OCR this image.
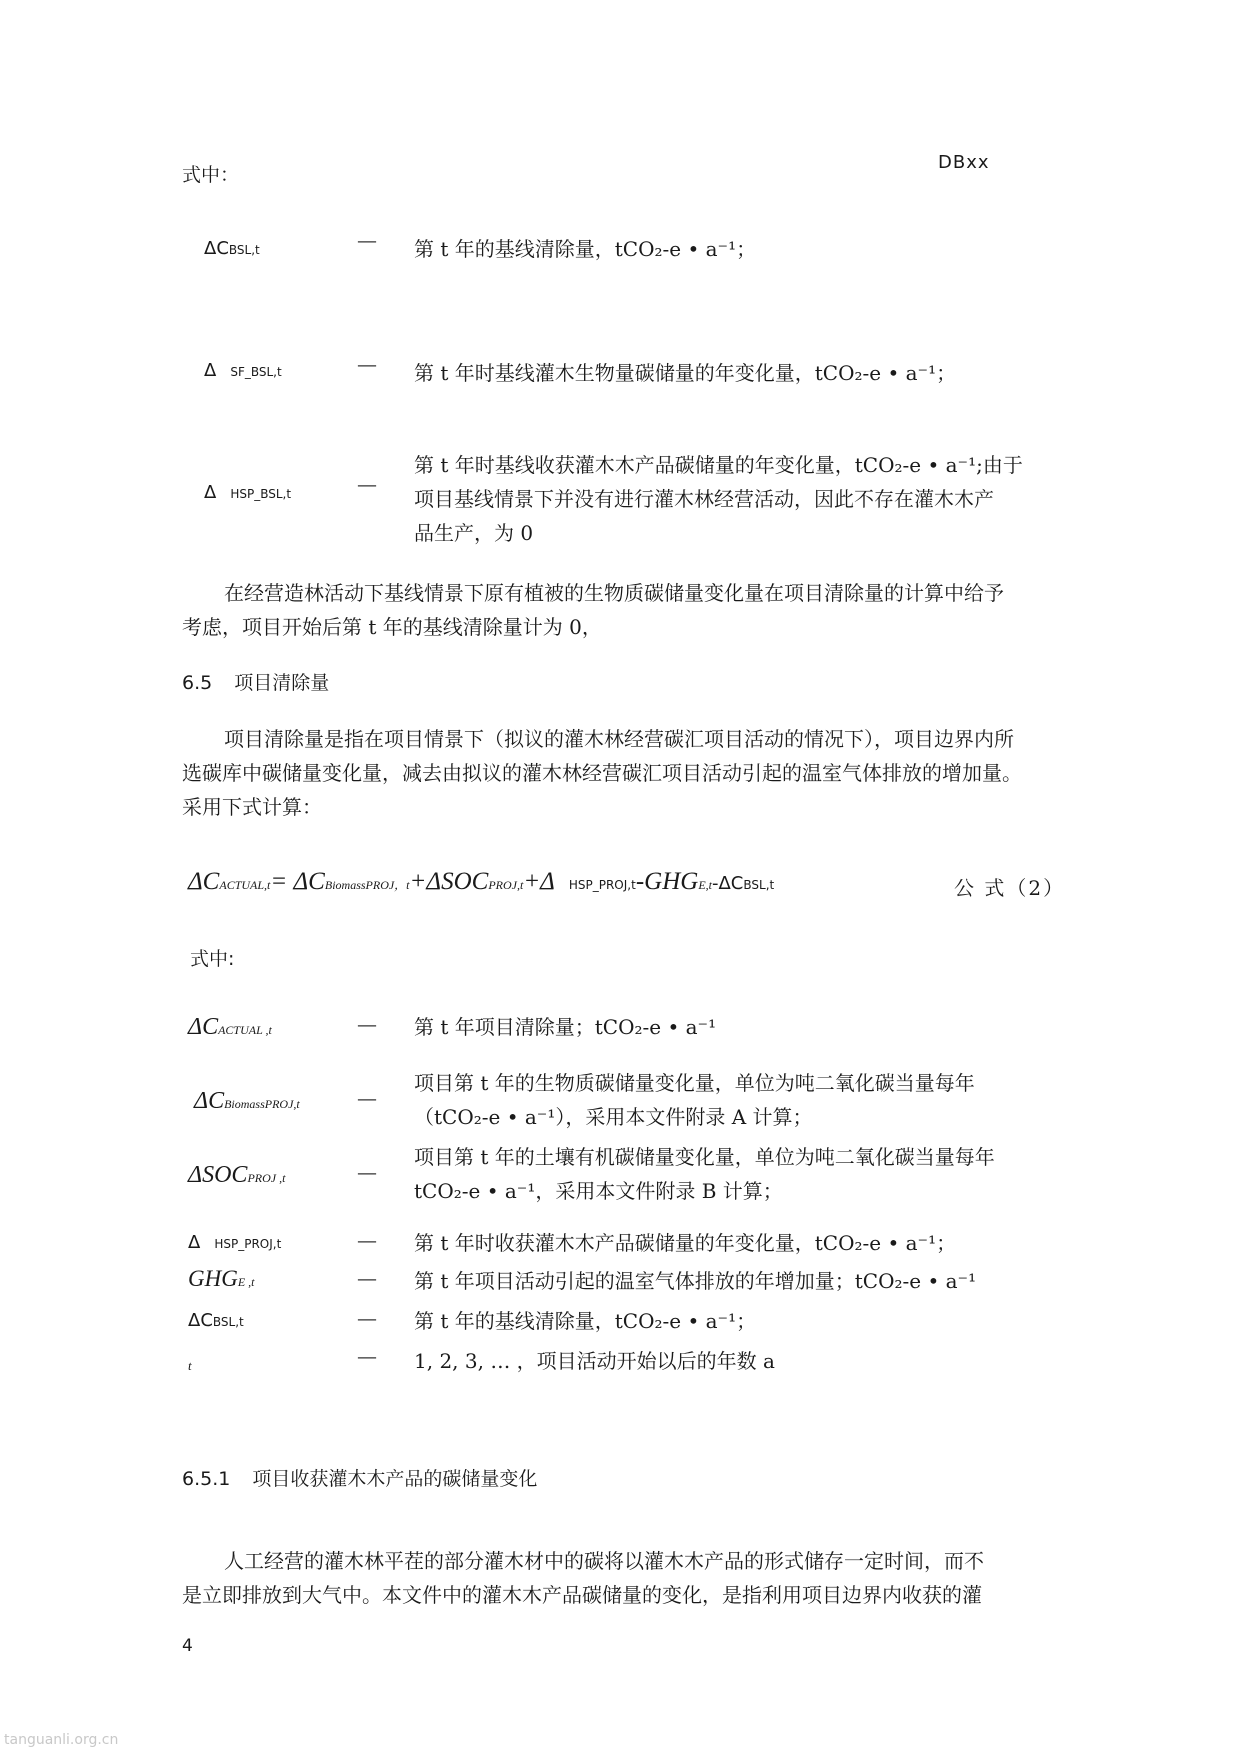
式中：
DBxx
ΔCBSL,t	— 第 t 年的基线清除量，tCO₂-e • a⁻¹；
Δ SF_BSL,t	— 第 t 年时基线灌木生物量碳储量的年变化量，tCO₂-e • a⁻¹；
Δ HSP_BSL,t	—
第 t 年时基线收获灌木木产品碳储量的年变化量，tCO₂-e • a⁻¹;由于
项目基线情景下并没有进行灌木林经营活动，因此不存在灌木木产
品生产，为 0
在经营造林活动下基线情景下原有植被的生物质碳储量变化量在项目清除量的计算中给予
考虑，项目开始后第 t 年的基线清除量计为 0，
6.5 项目清除量
项目清除量是指在项目情景下（拟议的灌木林经营碳汇项目活动的情况下），项目边界内所
选碳库中碳储量变化量，减去由拟议的灌木林经营碳汇项目活动引起的温室气体排放的增加量。
采用下式计算：
ΔCACTUAL,t= ΔCBiomassPROJ，t+ΔSOCPROJ,t+Δ HSP_PROJ,t-GHGE,t-ΔCBSL,t	公 式（2）
式中:
ΔCACTUAL ,t	— 第 t 年项目清除量；tCO₂-e • a⁻¹
ΔCBiomassPROJ,t	—
项目第 t 年的生物质碳储量变化量，单位为吨二氧化碳当量每年
（tCO₂-e • a⁻¹），采用本文件附录 A 计算；
ΔSOCPROJ ,t	—
项目第 t 年的土壤有机碳储量变化量，单位为吨二氧化碳当量每年
tCO₂-e • a⁻¹，采用本文件附录 B 计算；
Δ HSP_PROJ,t	— 第 t 年时收获灌木木产品碳储量的年变化量，tCO₂-e • a⁻¹；
GHGE ,t	— 第 t 年项目活动引起的温室气体排放的年增加量；tCO₂-e • a⁻¹
ΔCBSL,t	— 第 t 年的基线清除量，tCO₂-e • a⁻¹；
t	— 1, 2, 3, … ，项目活动开始以后的年数 a
6.5.1 项目收获灌木木产品的碳储量变化
人工经营的灌木林平茬的部分灌木材中的碳将以灌木木产品的形式储存一定时间，而不
是立即排放到大气中。本文件中的灌木木产品碳储量的变化，是指利用项目边界内收获的灌
4
tanguanli.org.cn
